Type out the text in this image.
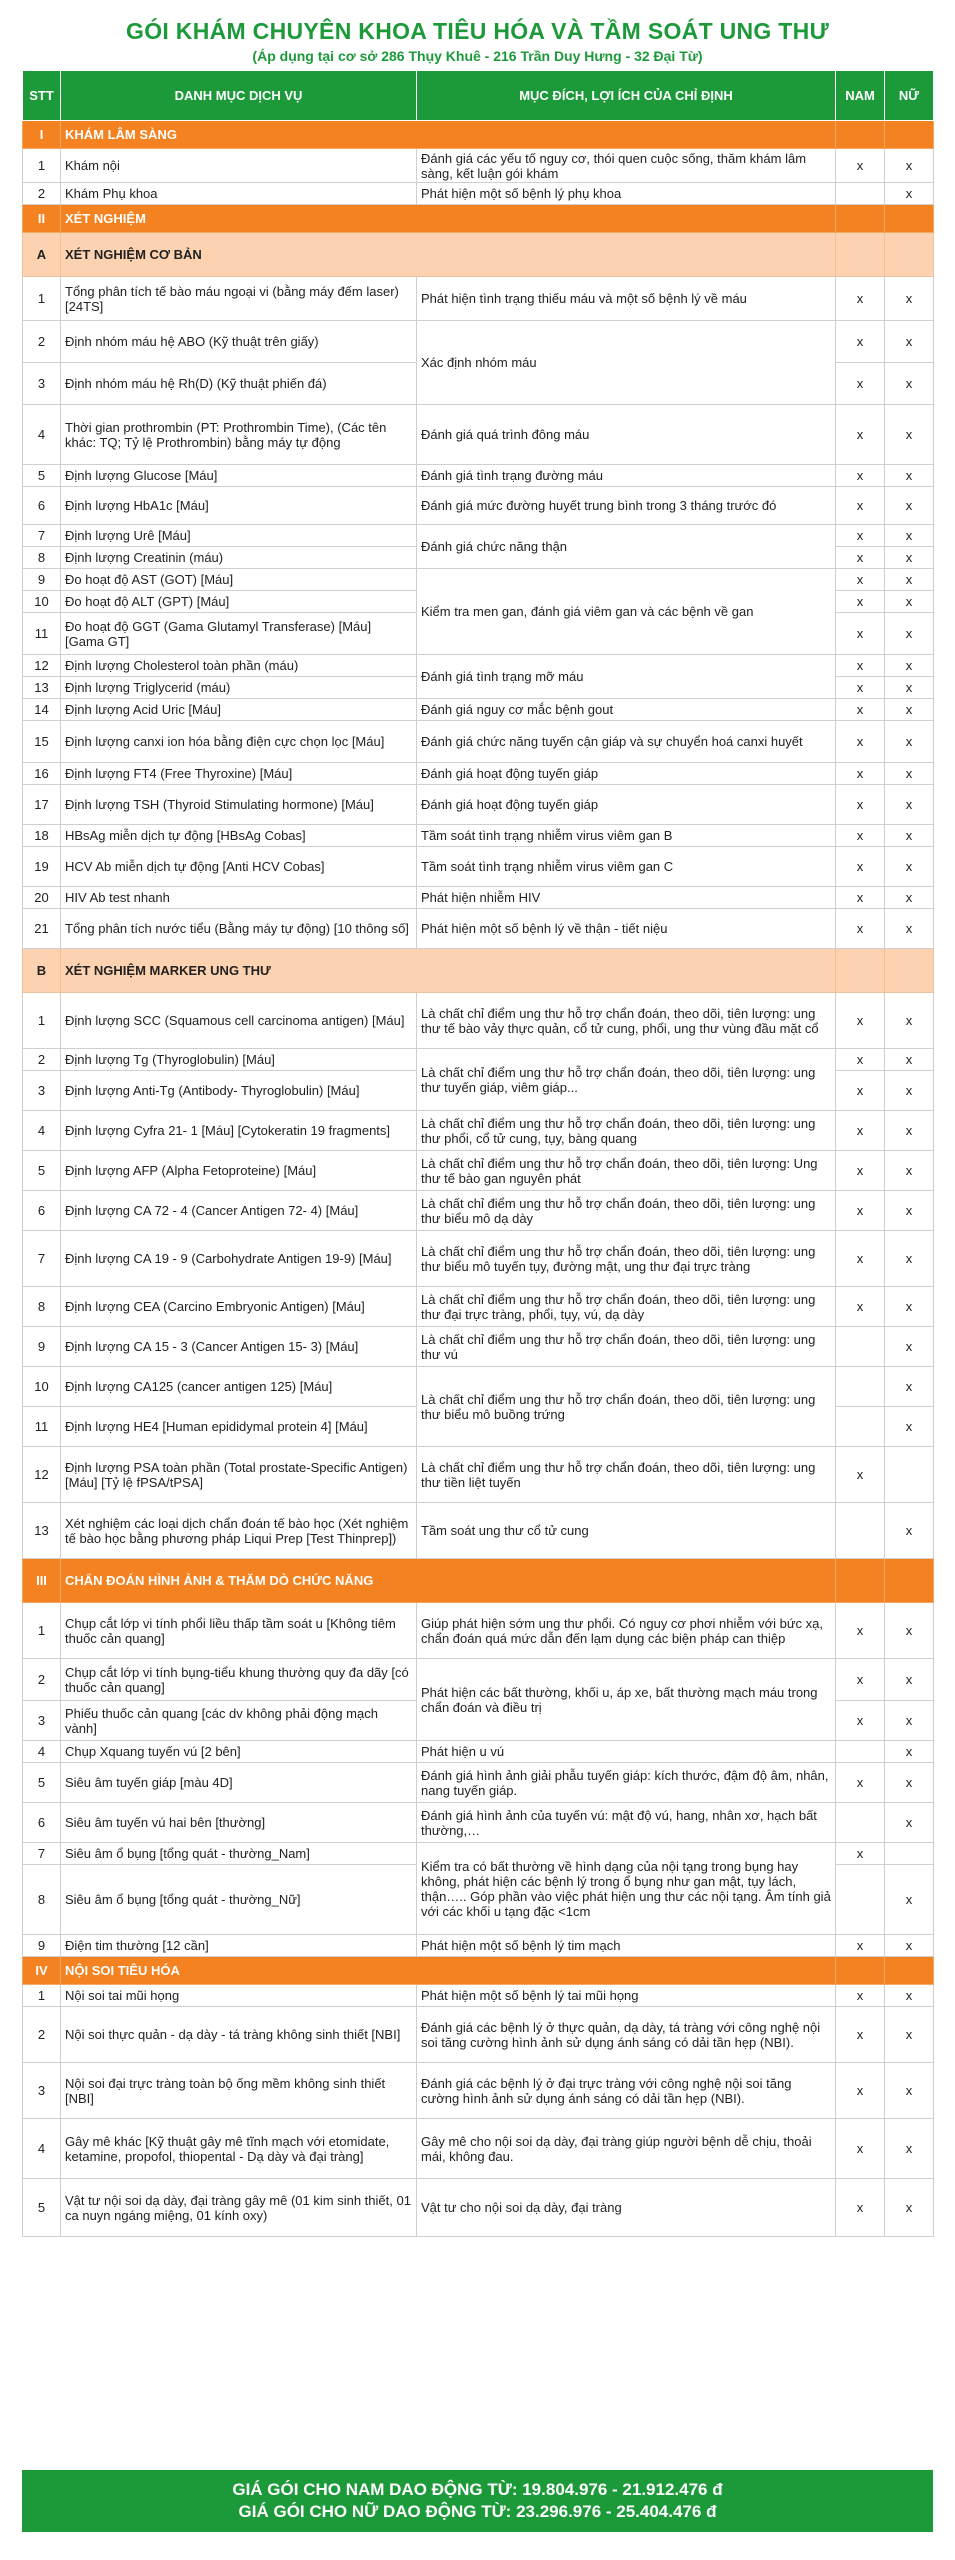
GÓI KHÁM CHUYÊN KHOA TIÊU HÓA VÀ TẦM SOÁT UNG THƯ
(Áp dụng tại cơ sở 286 Thụy Khuê - 216 Trần Duy Hưng - 32 Đại Từ)
STT	DANH MỤC DỊCH VỤ	MỤC ĐÍCH, LỢI ÍCH CỦA CHỈ ĐỊNH	NAM	NỮ
I	KHÁM LÂM SÀNG			
1	Khám nội	Đánh giá các yếu tố nguy cơ, thói quen cuộc sống, thăm khám lâm sàng, kết luận gói khám	x	x
2	Khám Phụ khoa	Phát hiện một số bệnh lý phụ khoa		x
II	XÉT NGHIỆM			
A	XÉT NGHIỆM CƠ BẢN			
1	Tổng phân tích tế bào máu ngoại vi (bằng máy đếm laser) [24TS]	Phát hiện tình trạng thiếu máu và một số bệnh lý về máu	x	x
2	Định nhóm máu hệ ABO (Kỹ thuật trên giấy)	Xác định nhóm máu	x	x
3	Định nhóm máu hệ Rh(D) (Kỹ thuật phiến đá)		x	x
4	Thời gian prothrombin (PT: Prothrombin Time), (Các tên khác: TQ; Tỷ lệ Prothrombin) bằng máy tự động	Đánh giá quá trình đông máu	x	x
5	Định lượng Glucose [Máu]	Đánh giá tình trạng đường máu	x	x
6	Định lượng HbA1c [Máu]	Đánh giá mức đường huyết trung bình trong 3 tháng trước đó	x	x
7	Định lượng Urê [Máu]	Đánh giá chức năng thận	x	x
8	Định lượng Creatinin (máu)		x	x
9	Đo hoạt độ AST (GOT) [Máu]	Kiểm tra men gan, đánh giá viêm gan và các bệnh về gan	x	x
10	Đo hoạt độ ALT (GPT) [Máu]		x	x
11	Đo hoạt độ GGT (Gama Glutamyl Transferase) [Máu] [Gama GT]		x	x
12	Định lượng Cholesterol toàn phần (máu)	Đánh giá tình trạng mỡ máu	x	x
13	Định lượng Triglycerid (máu)		x	x
14	Định lượng Acid Uric [Máu]	Đánh giá nguy cơ mắc bệnh gout	x	x
15	Định lượng canxi ion hóa bằng điện cực chọn lọc [Máu]	Đánh giá chức năng tuyến cận giáp và sự chuyển hoá canxi huyết	x	x
16	Định lượng FT4 (Free Thyroxine) [Máu]	Đánh giá hoạt động tuyến giáp	x	x
17	Định lượng TSH (Thyroid Stimulating hormone) [Máu]	Đánh giá hoạt động tuyến giáp	x	x
18	HBsAg miễn dịch tự động [HBsAg Cobas]	Tầm soát tình trạng nhiễm virus viêm gan B	x	x
19	HCV Ab miễn dịch tự động [Anti HCV Cobas]	Tầm soát tình trạng nhiễm virus viêm gan C	x	x
20	HIV Ab test nhanh	Phát hiện nhiễm HIV	x	x
21	Tổng phân tích nước tiểu (Bằng máy tự động) [10 thông số]	Phát hiện một số bệnh lý về thận - tiết niệu	x	x
B	XÉT NGHIỆM MARKER UNG THƯ			
1	Định lượng SCC (Squamous cell carcinoma antigen) [Máu]	Là chất chỉ điểm ung thư hỗ trợ chẩn đoán, theo dõi, tiên lượng: ung thư tế bào vảy thực quản, cổ tử cung, phổi, ung thư vùng đầu mặt cổ	x	x
2	Định lượng Tg (Thyroglobulin) [Máu]	Là chất chỉ điểm ung thư hỗ trợ chẩn đoán, theo dõi, tiên lượng: ung thư tuyến giáp, viêm giáp...	x	x
3	Định lượng Anti-Tg (Antibody- Thyroglobulin) [Máu]		x	x
4	Định lượng Cyfra 21- 1 [Máu] [Cytokeratin 19 fragments]	Là chất chỉ điểm ung thư hỗ trợ chẩn đoán, theo dõi, tiên lượng: ung thư phổi, cổ tử cung, tụy, bàng quang	x	x
5	Định lượng AFP (Alpha Fetoproteine) [Máu]	Là chất chỉ điểm ung thư hỗ trợ chẩn đoán, theo dõi, tiên lượng: Ung thư tế bào gan nguyên phát	x	x
6	Định lượng CA 72 - 4 (Cancer Antigen 72- 4) [Máu]	Là chất chỉ điểm ung thư hỗ trợ chẩn đoán, theo dõi, tiên lượng: ung thư biểu mô dạ dày	x	x
7	Định lượng CA 19 - 9 (Carbohydrate Antigen 19-9) [Máu]	Là chất chỉ điểm ung thư hỗ trợ chẩn đoán, theo dõi, tiên lượng: ung thư biểu mô tuyến tụy, đường mật, ung thư đại trực tràng	x	x
8	Định lượng CEA (Carcino Embryonic Antigen) [Máu]	Là chất chỉ điểm ung thư hỗ trợ chẩn đoán, theo dõi, tiên lượng: ung thư đại trực tràng, phổi, tụy, vú, dạ dày	x	x
9	Định lượng CA 15 - 3 (Cancer Antigen 15- 3) [Máu]	Là chất chỉ điểm ung thư hỗ trợ chẩn đoán, theo dõi, tiên lượng: ung thư vú		x
10	Định lượng CA125 (cancer antigen 125) [Máu]	Là chất chỉ điểm ung thư hỗ trợ chẩn đoán, theo dõi, tiên lượng: ung thư biểu mô buồng trứng		x
11	Định lượng HE4 [Human epididymal protein 4] [Máu]			x
12	Định lượng PSA toàn phần (Total prostate-Specific Antigen) [Máu] [Tỷ lệ fPSA/tPSA]	Là chất chỉ điểm ung thư hỗ trợ chẩn đoán, theo dõi, tiên lượng: ung thư tiền liệt tuyến	x	
13	Xét nghiệm các loại dịch chẩn đoán tế bào học (Xét nghiệm tế bào học bằng phương pháp Liqui Prep [Test Thinprep])	Tầm soát ung thư cổ tử cung		x
III	CHẨN ĐOÁN HÌNH ẢNH & THĂM DÒ CHỨC NĂNG			
1	Chụp cắt lớp vi tính phổi liều thấp tầm soát u [Không tiêm thuốc cản quang]	Giúp phát hiện sớm ung thư phổi. Có nguy cơ phơi nhiễm với bức xạ, chẩn đoán quá mức dẫn đến lạm dụng các biện pháp can thiệp	x	x
2	Chụp cắt lớp vi tính bụng-tiểu khung thường quy đa dãy [có thuốc cản quang]	Phát hiện các bất thường, khối u, áp xe, bất thường mạch máu trong chẩn đoán và điều trị	x	x
3	Phiếu thuốc cản quang [các dv không phải động mạch vành]		x	x
4	Chụp Xquang tuyến vú [2 bên]	Phát hiện u vú		x
5	Siêu âm tuyến giáp [màu 4D]	Đánh giá hình ảnh giải phẫu tuyến giáp: kích thước, đậm độ âm, nhân, nang tuyến giáp.	x	x
6	Siêu âm tuyến vú hai bên [thường]	Đánh giá hình ảnh của tuyến vú: mật độ vú, hang, nhân xơ, hạch bất thường,…		x
7	Siêu âm ổ bụng [tổng quát - thường_Nam]	Kiểm tra có bất thường về hình dạng của nội tạng trong bụng hay không, phát hiện các bệnh lý trong ổ bụng như gan mật, tụy lách, thận….. Góp phần vào việc phát hiện ung thư các nội tạng. Âm tính giả với các khối u tạng đặc <1cm	x	
8	Siêu âm ổ bụng [tổng quát - thường_Nữ]			x
9	Điện tim thường [12 cần]	Phát hiện một số bệnh lý tim mạch	x	x
IV	NỘI SOI TIÊU HÓA			
1	Nội soi tai mũi họng	Phát hiện một số bệnh lý tai mũi họng	x	x
2	Nội soi thực quản - dạ dày - tá tràng không sinh thiết [NBI]	Đánh giá các bệnh lý ở thực quản, dạ dày, tá tràng với công nghệ nội soi tăng cường hình ảnh sử dụng ánh sáng có dải tần hẹp (NBI).	x	x
3	Nội soi đại trực tràng toàn bộ ống mềm không sinh thiết [NBI]	Đánh giá các bệnh lý ở đại trực tràng với công nghệ nội soi tăng cường hình ảnh sử dụng ánh sáng có dải tần hẹp (NBI).	x	x
4	Gây mê khác [Kỹ thuật gây mê tĩnh mạch với etomidate, ketamine, propofol, thiopental - Dạ dày và đại tràng]	Gây mê cho nội soi dạ dày, đại tràng giúp người bệnh dễ chịu, thoải mái, không đau.	x	x
5	Vật tư nội soi dạ dày, đại tràng gây mê (01 kim sinh thiết, 01 ca nuyn ngáng miệng, 01 kính oxy)	Vật tư cho nội soi dạ dày, đại tràng	x	x
GIÁ GÓI CHO NAM DAO ĐỘNG TỪ: 19.804.976 - 21.912.476 đ
GIÁ GÓI CHO NỮ DAO ĐỘNG TỪ: 23.296.976 - 25.404.476 đ
